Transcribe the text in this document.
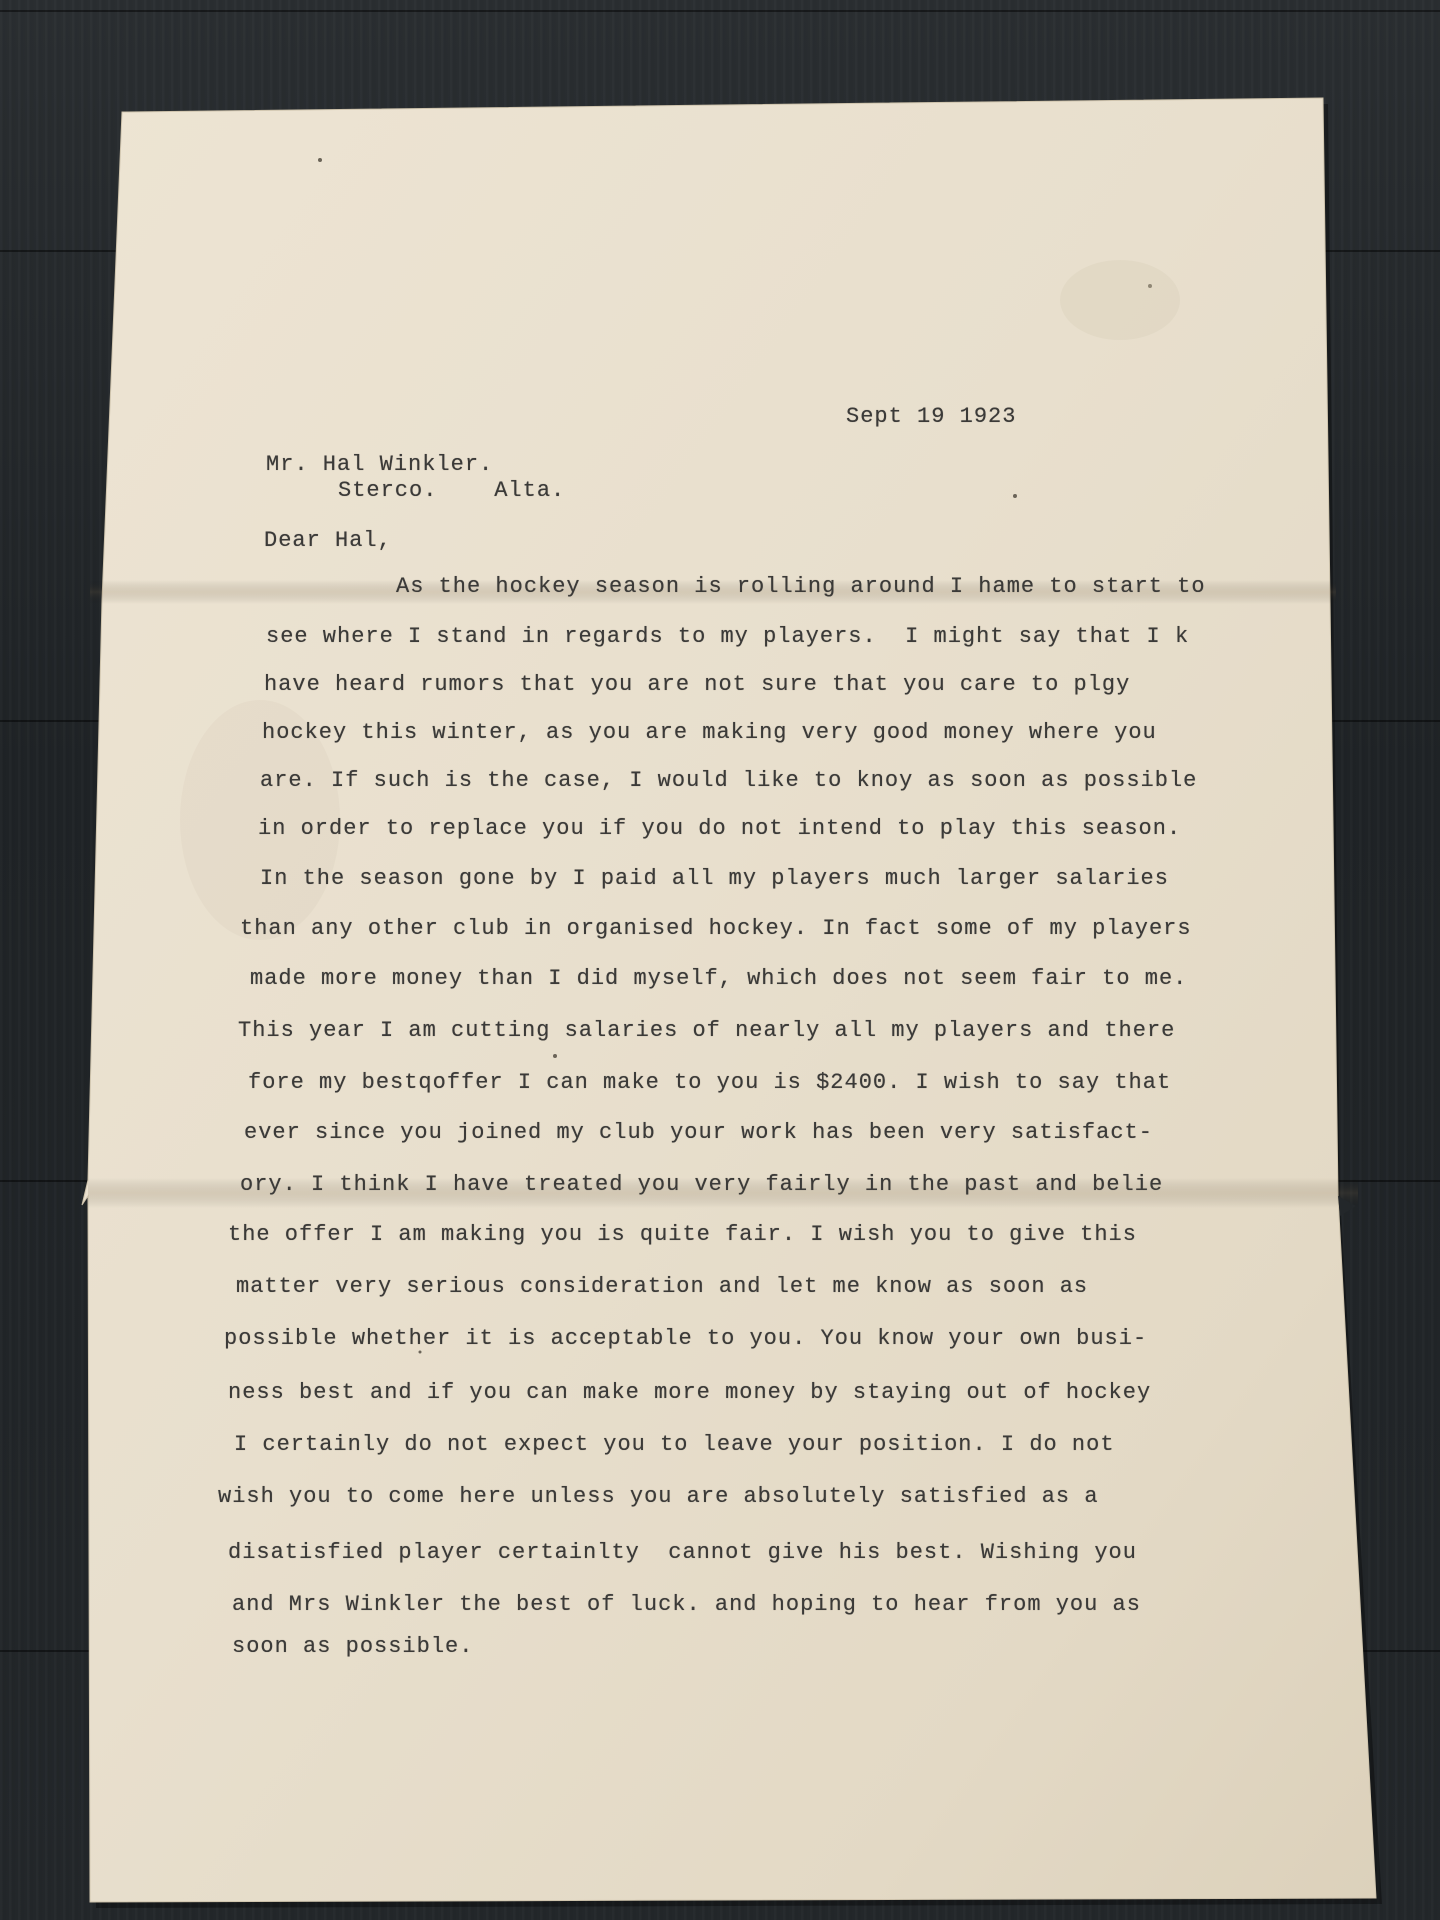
Sept 19 1923
Mr. Hal Winkler.
Sterco.    Alta.
Dear Hal,
As the hockey season is rolling around I hame to start to
see where I stand in regards to my players.  I might say that I k
have heard rumors that you are not sure that you care to plgy
hockey this winter, as you are making very good money where you
are. If such is the case, I would like to knoy as soon as possible
in order to replace you if you do not intend to play this season.
In the season gone by I paid all my players much larger salaries
than any other club in organised hockey. In fact some of my players
made more money than I did myself, which does not seem fair to me.
This year I am cutting salaries of nearly all my players and there
fore my bestqoffer I can make to you is $2400. I wish to say that
ever since you joined my club your work has been very satisfact-
ory. I think I have treated you very fairly in the past and belie
the offer I am making you is quite fair. I wish you to give this
matter very serious consideration and let me know as soon as
possible whether it is acceptable to you. You know your own busi-
ness best and if you can make more money by staying out of hockey
I certainly do not expect you to leave your position. I do not
wish you to come here unless you are absolutely satisfied as a
disatisfied player certainlty  cannot give his best. Wishing you
and Mrs Winkler the best of luck. and hoping to hear from you as
soon as possible.
